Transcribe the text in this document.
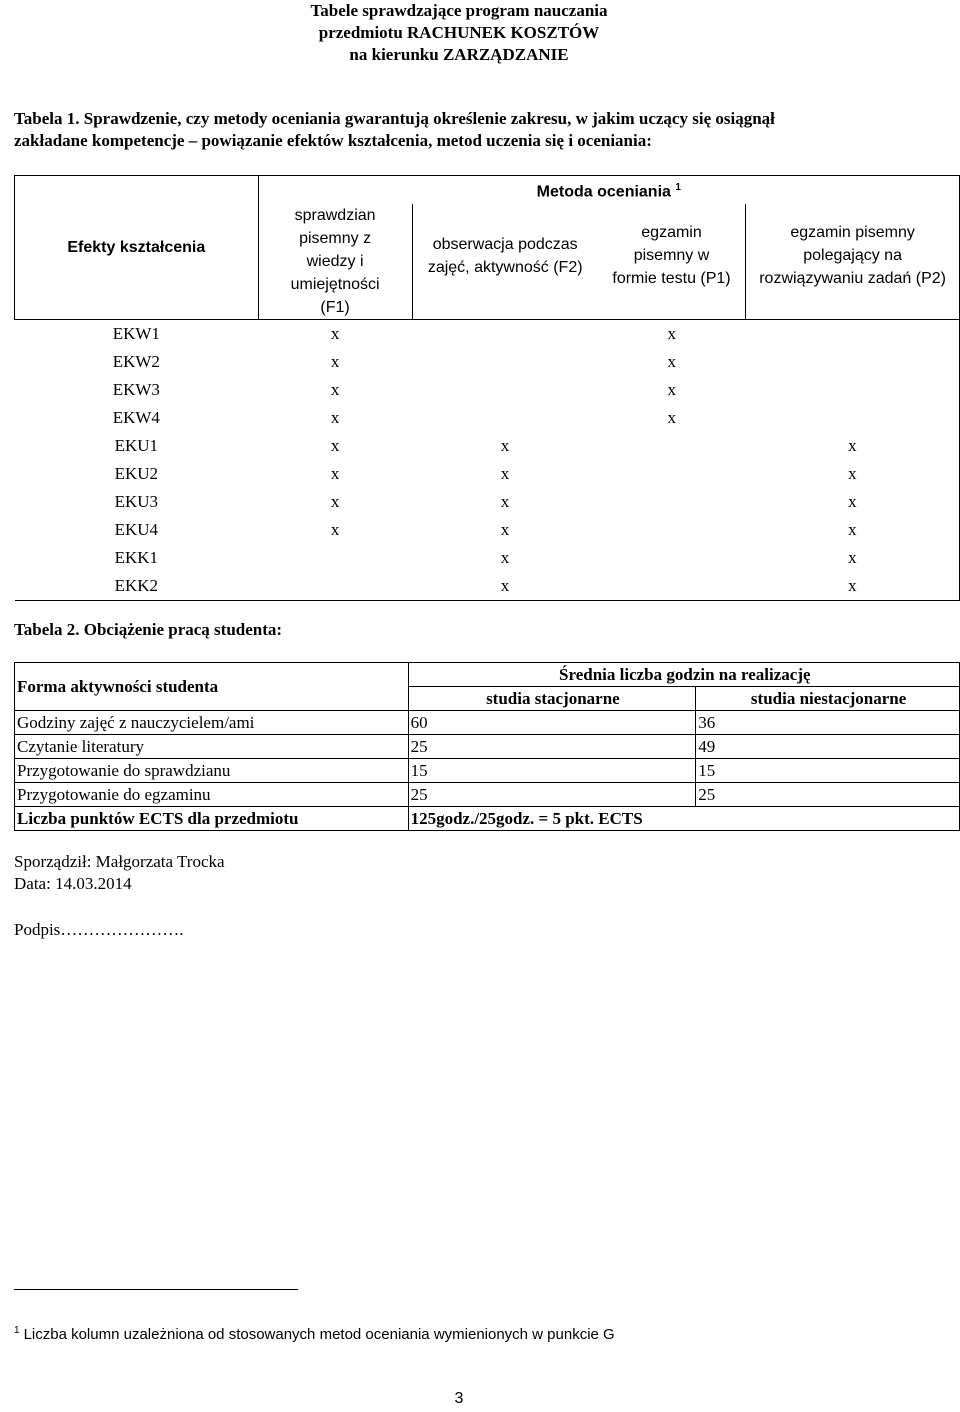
Tabele sprawdzające program nauczania
przedmiotu RACHUNEK KOSZTÓW
na kierunku ZARZĄDZANIE
Tabela 1. Sprawdzenie, czy metody oceniania gwarantują określenie zakresu, w jakim uczący się osiągnął
zakładane kompetencje – powiązanie efektów kształcenia, metod uczenia się i oceniania:
Efekty kształcenia	Metoda oceniania $^1$
	sprawdzian pisemny z wiedzy i umiejętności (F1)	obserwacja podczas zajęć, aktywność (F2)	egzamin pisemny w formie testu (P1)	egzamin pisemny polegający na rozwiązywaniu zadań (P2)
EKW1	x		x	
EKW2	x		x	
EKW3	x		x	
EKW4	x		x	
EKU1	x	x		x
EKU2	x	x		x
EKU3	x	x		x
EKU4	x	x		x
EKK1		x		x
EKK2		x		x
Tabela 2. Obciążenie pracą studenta:
Forma aktywności studenta	Średnia liczba godzin na realizację	
	studia stacjonarne	studia niestacjonarne
Godziny zajęć z nauczycielem/ami	60	36
Czytanie literatury	25	49
Przygotowanie do sprawdzianu	15	15
Przygotowanie do egzaminu	25	25
Liczba punktów ECTS dla przedmiotu	125godz./25godz. = 5 pkt. ECTS	
Sporządził: Małgorzata Trocka
Data: 14.03.2014
Podpis………………….
$^1$ Liczba kolumn uzależniona od stosowanych metod oceniania wymienionych w punkcie G
3
